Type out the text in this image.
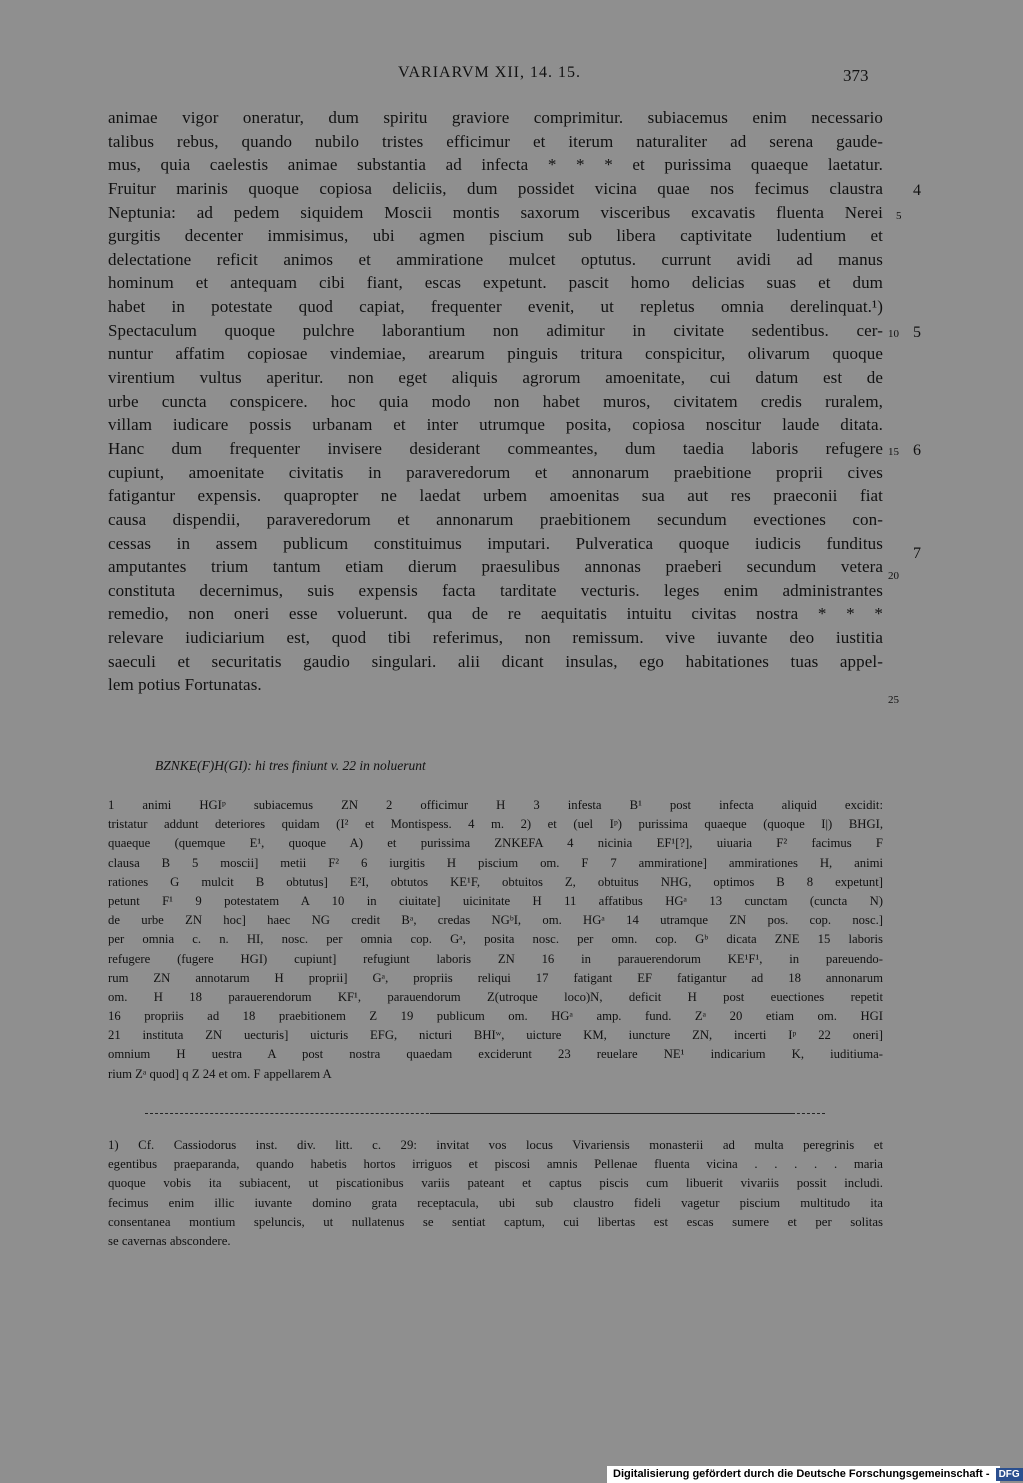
VARIARVM XII, 14. 15.	373
animae vigor oneratur, dum spiritu graviore comprimitur. subiacemus enim necessario
talibus rebus, quando nubilo tristes efficimur et iterum naturaliter ad serena gaude-
mus, quia caelestis animae substantia ad infecta * * * et purissima quaeque laetatur.
Fruitur marinis quoque copiosa deliciis, dum possidet vicina quae nos fecimus claustra
Neptunia: ad pedem siquidem Moscii montis saxorum visceribus excavatis fluenta Nerei
gurgitis decenter immisimus, ubi agmen piscium sub libera captivitate ludentium et
delectatione reficit animos et ammiratione mulcet optutus. currunt avidi ad manus
hominum et antequam cibi fiant, escas expetunt. pascit homo delicias suas et dum
habet in potestate quod capiat, frequenter evenit, ut repletus omnia derelinquat.¹)
Spectaculum quoque pulchre laborantium non adimitur in civitate sedentibus. cer-
nuntur affatim copiosae vindemiae, arearum pinguis tritura conspicitur, olivarum quoque
virentium vultus aperitur. non eget aliquis agrorum amoenitate, cui datum est de
urbe cuncta conspicere. hoc quia modo non habet muros, civitatem credis ruralem,
villam iudicare possis urbanam et inter utrumque posita, copiosa noscitur laude ditata.
Hanc dum frequenter invisere desiderant commeantes, dum taedia laboris refugere
cupiunt, amoenitate civitatis in paraveredorum et annonarum praebitione proprii cives
fatigantur expensis. quapropter ne laedat urbem amoenitas sua aut res praeconii fiat
causa dispendii, paraveredorum et annonarum praebitionem secundum evectiones con-
cessas in assem publicum constituimus imputari. Pulveratica quoque iudicis funditus
amputantes trium tantum etiam dierum praesulibus annonas praeberi secundum vetera
constituta decernimus, suis expensis facta tarditate vecturis. leges enim administrantes
remedio, non oneri esse voluerunt. qua de re aequitatis intuitu civitas nostra * * *
relevare iudiciarium est, quod tibi referimus, non remissum. vive iuvante deo iustitia
saeculi et securitatis gaudio singulari. alii dicant insulas, ego habitationes tuas appel-
lem potius Fortunatas.
5
10
15
20
25
4
5
6
7
BZNKE(F)H(GI): hi tres finiunt v. 22 in noluerunt
1 animi HGIᵖ subiacemus ZN 2 officimur H 3 infesta B¹ post infecta aliquid excidit:
tristatur addunt deteriores quidam (I² et Montispess. 4 m. 2) et (uel Iᵖ) purissima quaeque (quoque I|) BHGI,
quaeque (quemque E¹, quoque A) et purissima ZNKEFA 4 nicinia EF¹[?], uiuaria F² facimus F
clausa B 5 moscii] metii F² 6 iurgitis H piscium om. F 7 ammiratione] ammirationes H, animi
rationes G mulcit B obtutus] E²I, obtutos KE¹F, obtuitos Z, obtuitus NHG, optimos B 8 expetunt]
petunt F¹ 9 potestatem A 10 in ciuitate] uicinitate H 11 affatibus HGᵃ 13 cunctam (cuncta N)
de urbe ZN hoc] haec NG credit Bᵃ, credas NGᵇI, om. HGᵃ 14 utramque ZN pos. cop. nosc.]
per omnia c. n. HI, nosc. per omnia cop. Gᵃ, posita nosc. per omn. cop. Gᵇ dicata ZNE 15 laboris
refugere (fugere HGI) cupiunt] refugiunt laboris ZN 16 in parauerendorum KE¹F¹, in pareuendo-
rum ZN annotarum H proprii] Gᵃ, propriis reliqui 17 fatigant EF fatigantur ad 18 annonarum
om. H 18 parauerendorum KF¹, parauendorum Z(utroque loco)N, deficit H post euectiones repetit
16 propriis ad 18 praebitionem Z 19 publicum om. HGᵃ amp. fund. Zᵃ 20 etiam om. HGI
21 institutа ZN uecturis] uicturis EFG, nicturi BHIʷ, uicture KM, iuncture ZN, incerti Iᵖ 22 oneri]
omnium H uestra A post nostra quaedam exciderunt 23 reuelare NE¹ indicarium K, iuditiuma-
rium Zᵃ quod] q Z 24 et om. F appellarem A
1) Cf. Cassiodorus inst. div. litt. c. 29: invitat vos locus Vivariensis monasterii ad multa peregrinis et
egentibus praeparanda, quando habetis hortos irriguos et piscosi amnis Pellenae fluenta vicina . . . . . maria
quoque vobis ita subiacent, ut piscationibus variis pateant et captus piscis cum libuerit vivariis possit includi.
fecimus enim illic iuvante domino grata receptacula, ubi sub claustro fideli vagetur piscium multitudo ita
consentanea montium speluncis, ut nullatenus se sentiat captum, cui libertas est escas sumere et per solitas
se cavernas abscondere.
Digitalisierung gefördert durch die Deutsche Forschungsgemeinschaft - DFG
